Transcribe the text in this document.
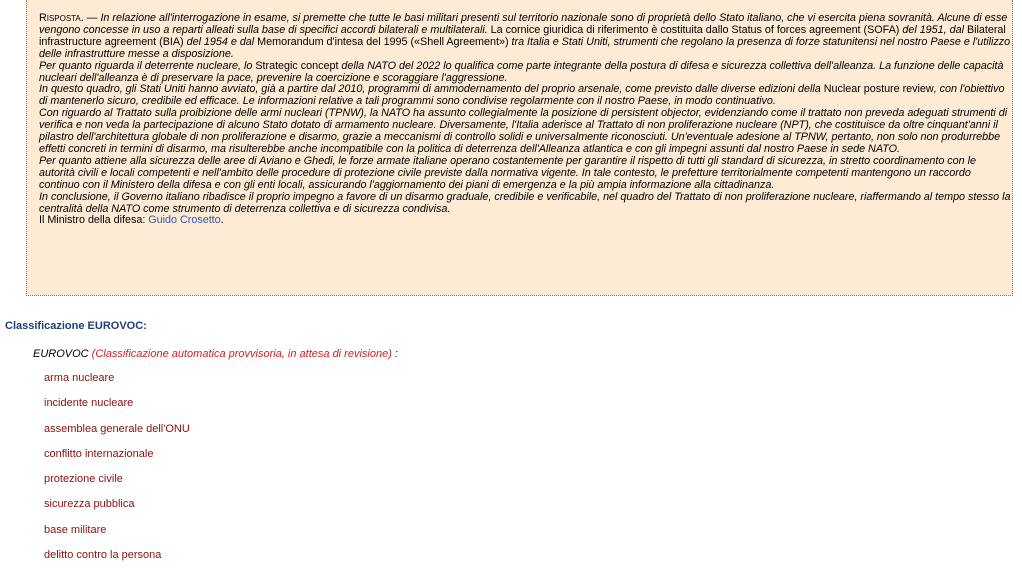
Risposta. — In relazione all'interrogazione in esame, si premette che tutte le basi militari presenti sul territorio nazionale sono di proprietà dello Stato italiano, che vi esercita piena sovranità. Alcune di esse vengono concesse in uso a reparti alleati sulla base di specifici accordi bilaterali e multilaterali. La cornice giuridica di riferimento è costituita dallo Status of forces agreement (SOFA) del 1951, dal Bilateral infrastructure agreement (BIA) del 1954 e dal Memorandum d'intesa del 1995 («Shell Agreement») tra Italia e Stati Uniti, strumenti che regolano la presenza di forze statunitensi nel nostro Paese e l'utilizzo delle infrastrutture messe a disposizione.

Per quanto riguarda il deterrente nucleare, lo Strategic concept della NATO del 2022 lo qualifica come parte integrante della postura di difesa e sicurezza collettiva dell'alleanza. La funzione delle capacità nucleari dell'alleanza è di preservare la pace, prevenire la coercizione e scoraggiare l'aggressione.

In questo quadro, gli Stati Uniti hanno avviato, già a partire dal 2010, programmi di ammodernamento del proprio arsenale, come previsto dalle diverse edizioni della Nuclear posture review, con l'obiettivo di mantenerlo sicuro, credibile ed efficace. Le informazioni relative a tali programmi sono condivise regolarmente con il nostro Paese, in modo continuativo.

Con riguardo al Trattato sulla proibizione delle armi nucleari (TPNW), la NATO ha assunto collegialmente la posizione di persistent objector, evidenziando come il trattato non preveda adeguati strumenti di verifica e non veda la partecipazione di alcuno Stato dotato di armamento nucleare. Diversamente, l'Italia aderisce al Trattato di non proliferazione nucleare (NPT), che costituisce da oltre cinquant'anni il pilastro dell'architettura globale di non proliferazione e disarmo, grazie a meccanismi di controllo solidi e universalmente riconosciuti. Un'eventuale adesione al TPNW, pertanto, non solo non produrrebbe effetti concreti in termini di disarmo, ma risulterebbe anche incompatibile con la politica di deterrenza dell'Alleanza atlantica e con gli impegni assunti dal nostro Paese in sede NATO.

Per quanto attiene alla sicurezza delle aree di Aviano e Ghedi, le forze armate italiane operano costantemente per garantire il rispetto di tutti gli standard di sicurezza, in stretto coordinamento con le autorità civili e locali competenti e nell'ambito delle procedure di protezione civile previste dalla normativa vigente. In tale contesto, le prefetture territorialmente competenti mantengono un raccordo continuo con il Ministero della difesa e con gli enti locali, assicurando l'aggiornamento dei piani di emergenza e la più ampia informazione alla cittadinanza.

In conclusione, il Governo italiano ribadisce il proprio impegno a favore di un disarmo graduale, credibile e verificabile, nel quadro del Trattato di non proliferazione nucleare, riaffermando al tempo stesso la centralità della NATO come strumento di deterrenza collettiva e di sicurezza condivisa.

Il Ministro della difesa: Guido Crosetto.

Classificazione EUROVOC:
EUROVOC (Classificazione automatica provvisoria, in attesa di revisione) :
arma nucleare
incidente nucleare
assemblea generale dell'ONU
conflitto internazionale
protezione civile
sicurezza pubblica
base militare
delitto contro la persona
